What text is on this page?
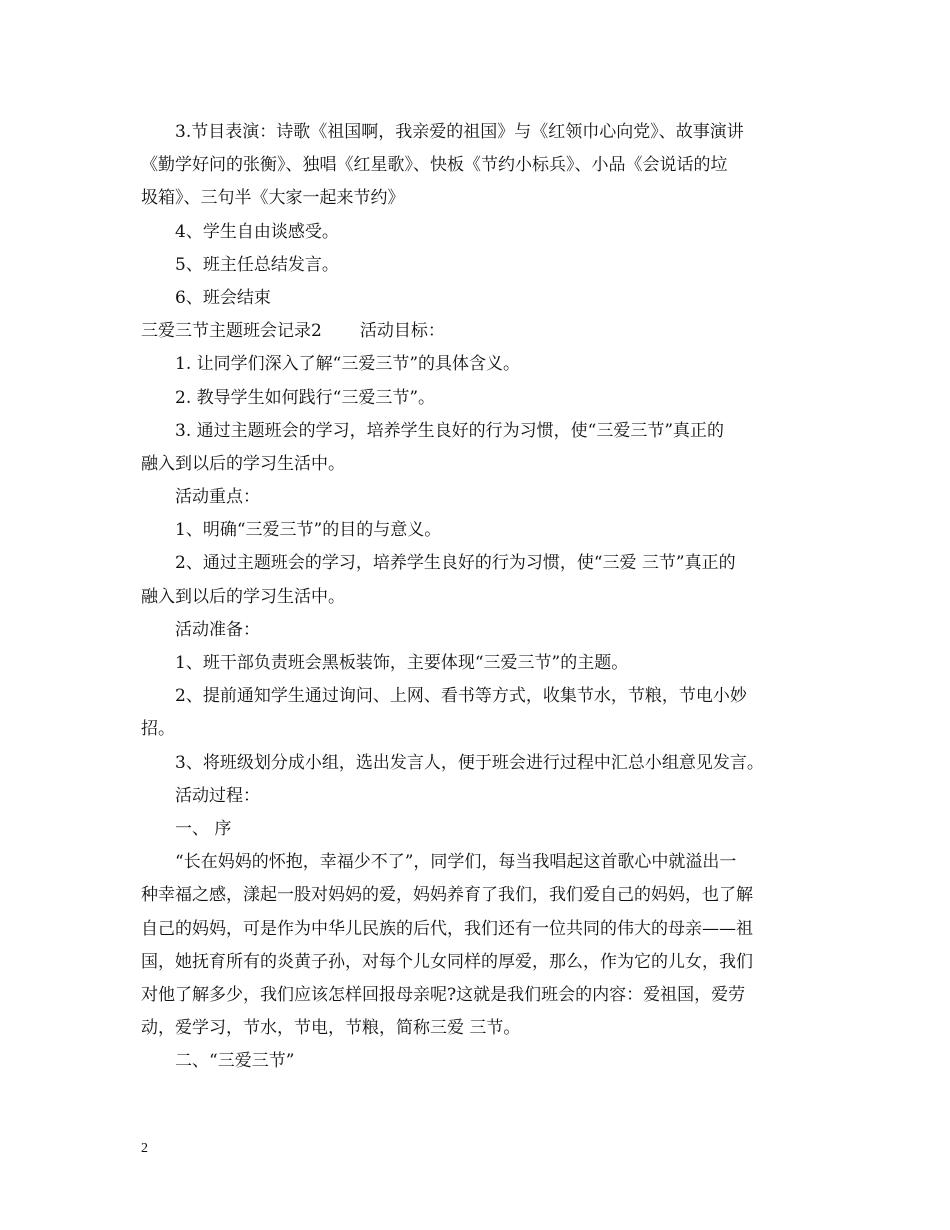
3.节目表演：诗歌《祖国啊，我亲爱的祖国》与《红领巾心向党》、故事演讲
《勤学好问的张衡》、独唱《红星歌》、快板《节约小标兵》、小品《会说话的垃
圾箱》、三句半《大家一起来节约》
4、学生自由谈感受。
5、班主任总结发言。
6、班会结束
三爱三节主题班会记录2 活动目标：
1. 让同学们深入了解“三爱三节”的具体含义。
2. 教导学生如何践行“三爱三节”。
3. 通过主题班会的学习，培养学生良好的行为习惯，使“三爱三节”真正的
融入到以后的学习生活中。
活动重点：
1、明确“三爱三节”的目的与意义。
2、通过主题班会的学习，培养学生良好的行为习惯，使“三爱 三节”真正的
融入到以后的学习生活中。
活动准备：
1、班干部负责班会黑板装饰，主要体现“三爱三节”的主题。
2、提前通知学生通过询问、上网、看书等方式，收集节水，节粮，节电小妙
招。
3、将班级划分成小组，选出发言人，便于班会进行过程中汇总小组意见发言。
活动过程：
一、 序
“长在妈妈的怀抱，幸福少不了”，同学们，每当我唱起这首歌心中就溢出一
种幸福之感，漾起一股对妈妈的爱，妈妈养育了我们，我们爱自己的妈妈，也了解
自己的妈妈，可是作为中华儿民族的后代，我们还有一位共同的伟大的母亲——祖
国，她抚育所有的炎黄子孙，对每个儿女同样的厚爱，那么，作为它的儿女，我们
对他了解多少，我们应该怎样回报母亲呢?这就是我们班会的内容：爱祖国，爱劳
动，爱学习，节水，节电，节粮，简称三爱 三节。
二、“三爱三节”
2
